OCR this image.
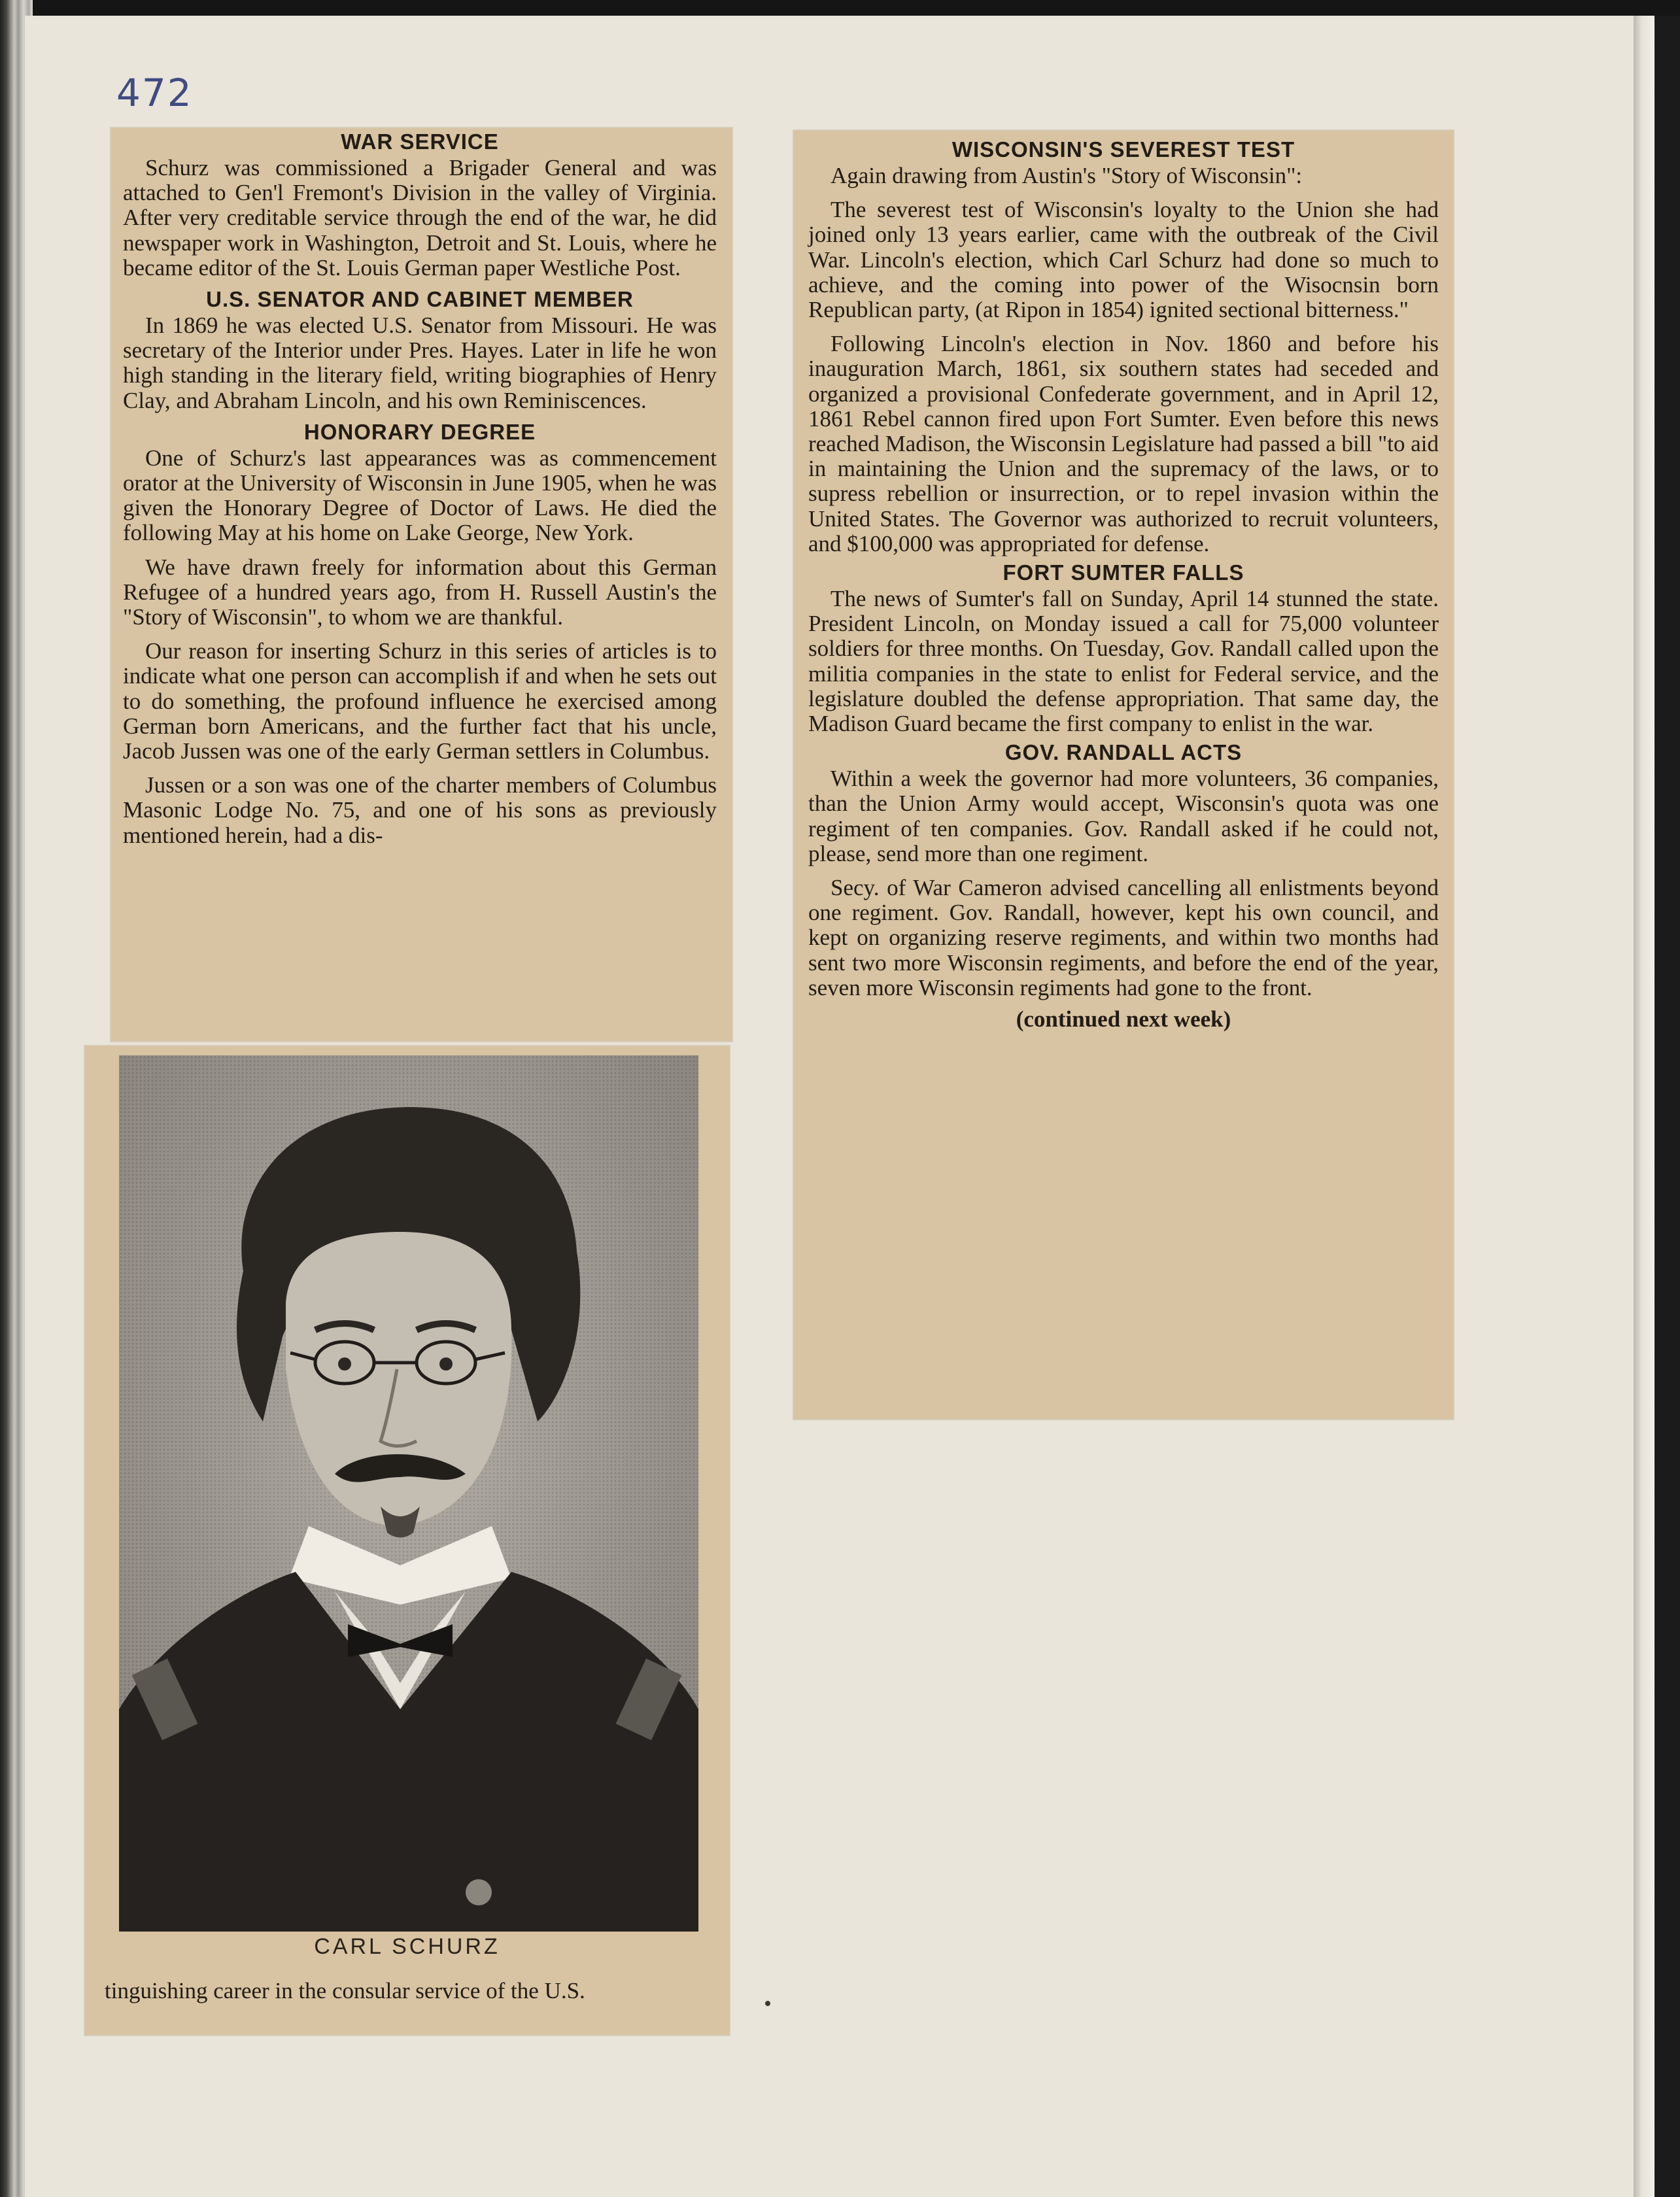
472
WAR SERVICE

Schurz was commissioned a Brigader General and was attached to Gen'l Fremont's Division in the valley of Virginia. After very creditable service through the end of the war, he did newspaper work in Washington, Detroit and St. Louis, where he became editor of the St. Louis German paper Westliche Post.

U.S. SENATOR AND CABINET MEMBER

In 1869 he was elected U.S. Senator from Missouri. He was secretary of the Interior under Pres. Hayes. Later in life he won high standing in the literary field, writing biographies of Henry Clay, and Abraham Lincoln, and his own Reminiscences.

HONORARY DEGREE

One of Schurz's last appearances was as commencement orator at the University of Wisconsin in June 1905, when he was given the Honorary Degree of Doctor of Laws. He died the following May at his home on Lake George, New York.

We have drawn freely for information about this German Refugee of a hundred years ago, from H. Russell Austin's the "Story of Wisconsin", to whom we are thankful.

Our reason for inserting Schurz in this series of articles is to indicate what one person can accomplish if and when he sets out to do something, the profound influence he exercised among German born Americans, and the further fact that his uncle, Jacob Jussen was one of the early German settlers in Columbus.

Jussen or a son was one of the charter members of Columbus Masonic Lodge No. 75, and one of his sons as previously mentioned herein, had a dis-

CARL SCHURZ
tinguishing career in the consular service of the U.S.
WISCONSIN'S SEVEREST TEST

Again drawing from Austin's "Story of Wisconsin":

The severest test of Wisconsin's loyalty to the Union she had joined only 13 years earlier, came with the outbreak of the Civil War. Lincoln's election, which Carl Schurz had done so much to achieve, and the coming into power of the Wisocnsin born Republican party, (at Ripon in 1854) ignited sectional bitterness."

Following Lincoln's election in Nov. 1860 and before his inauguration March, 1861, six southern states had seceded and organized a provisional Confederate government, and in April 12, 1861 Rebel cannon fired upon Fort Sumter. Even before this news reached Madison, the Wisconsin Legislature had passed a bill "to aid in maintaining the Union and the supremacy of the laws, or to supress rebellion or insurrection, or to repel invasion within the United States. The Governor was authorized to recruit volunteers, and $100,000 was appropriated for defense.

FORT SUMTER FALLS

The news of Sumter's fall on Sunday, April 14 stunned the state. President Lincoln, on Monday issued a call for 75,000 volunteer soldiers for three months. On Tuesday, Gov. Randall called upon the militia companies in the state to enlist for Federal service, and the legislature doubled the defense appropriation. That same day, the Madison Guard became the first company to enlist in the war.

GOV. RANDALL ACTS

Within a week the governor had more volunteers, 36 companies, than the Union Army would accept, Wisconsin's quota was one regiment of ten companies. Gov. Randall asked if he could not, please, send more than one regiment.

Secy. of War Cameron advised cancelling all enlistments beyond one regiment. Gov. Randall, however, kept his own council, and kept on organizing reserve regiments, and within two months had sent two more Wisconsin regiments, and before the end of the year, seven more Wisconsin regiments had gone to the front.

(continued next week)
